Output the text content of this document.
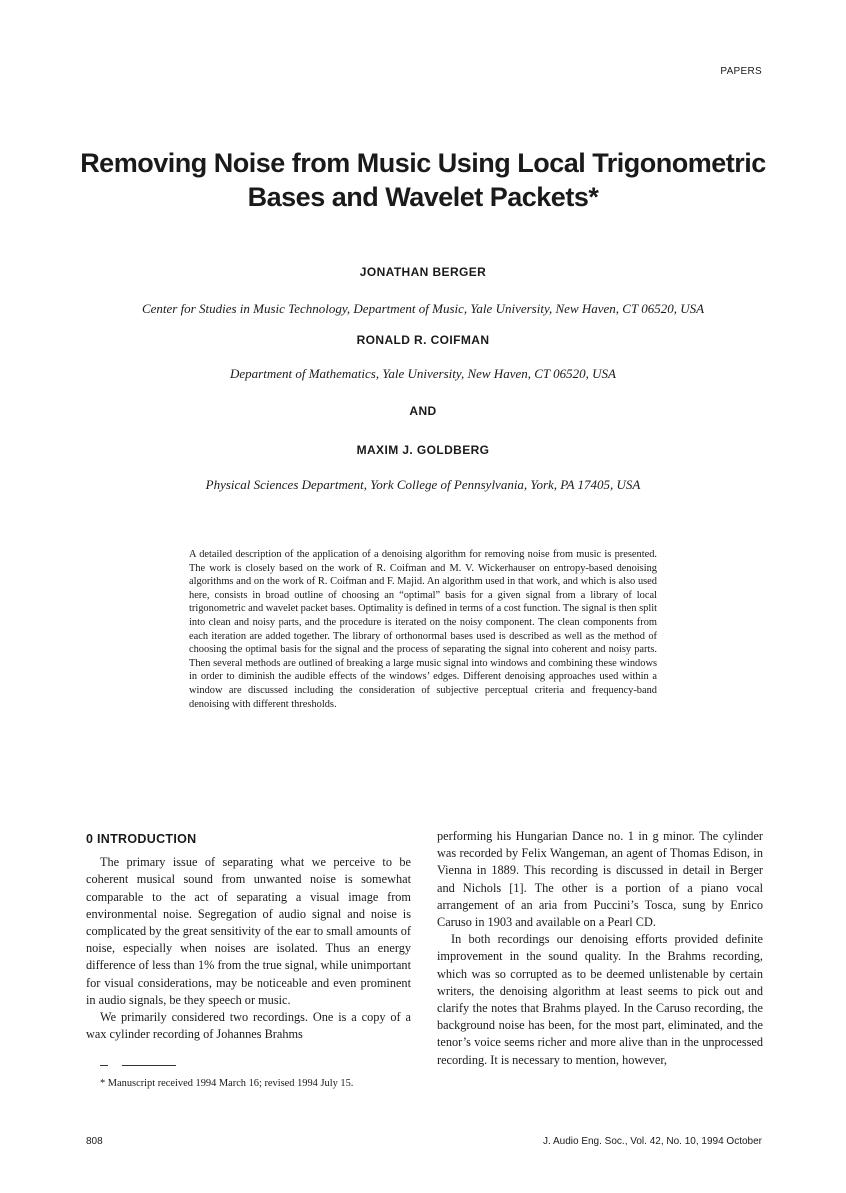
PAPERS
Removing Noise from Music Using Local Trigonometric Bases and Wavelet Packets*
JONATHAN BERGER
Center for Studies in Music Technology, Department of Music, Yale University, New Haven, CT 06520, USA
RONALD R. COIFMAN
Department of Mathematics, Yale University, New Haven, CT 06520, USA
AND
MAXIM J. GOLDBERG
Physical Sciences Department, York College of Pennsylvania, York, PA 17405, USA

A detailed description of the application of a denoising algorithm for removing noise from music is presented. The work is closely based on the work of R. Coifman and M. V. Wickerhauser on entropy-based denoising algorithms and on the work of R. Coifman and F. Majid. An algorithm used in that work, and which is also used here, consists in broad outline of choosing an “optimal” basis for a given signal from a library of local trigonometric and wavelet packet bases. Optimality is defined in terms of a cost function. The signal is then split into clean and noisy parts, and the procedure is iterated on the noisy component. The clean components from each iteration are added together. The library of orthonormal bases used is described as well as the method of choosing the optimal basis for the signal and the process of separating the signal into coherent and noisy parts. Then several methods are outlined of breaking a large music signal into windows and combining these windows in order to diminish the audible effects of the windows’ edges. Different denoising approaches used within a window are discussed including the consideration of subjective perceptual criteria and frequency-band denoising with different thresholds.

0 INTRODUCTION

The primary issue of separating what we perceive to be coherent musical sound from unwanted noise is somewhat comparable to the act of separating a visual image from environmental noise. Segregation of audio signal and noise is complicated by the great sensitivity of the ear to small amounts of noise, especially when noises are isolated. Thus an energy difference of less than 1% from the true signal, while unimportant for visual considerations, may be noticeable and even prominent in audio signals, be they speech or music.

We primarily considered two recordings. One is a copy of a wax cylinder recording of Johannes Brahms

performing his Hungarian Dance no. 1 in g minor. The cylinder was recorded by Felix Wangeman, an agent of Thomas Edison, in Vienna in 1889. This recording is discussed in detail in Berger and Nichols [1]. The other is a portion of a piano vocal arrangement of an aria from Puccini’s Tosca, sung by Enrico Caruso in 1903 and available on a Pearl CD.

In both recordings our denoising efforts provided definite improvement in the sound quality. In the Brahms recording, which was so corrupted as to be deemed unlistenable by certain writers, the denoising algorithm at least seems to pick out and clarify the notes that Brahms played. In the Caruso recording, the background noise has been, for the most part, eliminated, and the tenor’s voice seems richer and more alive than in the unprocessed recording. It is necessary to mention, however,

* Manuscript received 1994 March 16; revised 1994 July 15.
808	J. Audio Eng. Soc., Vol. 42, No. 10, 1994 October
